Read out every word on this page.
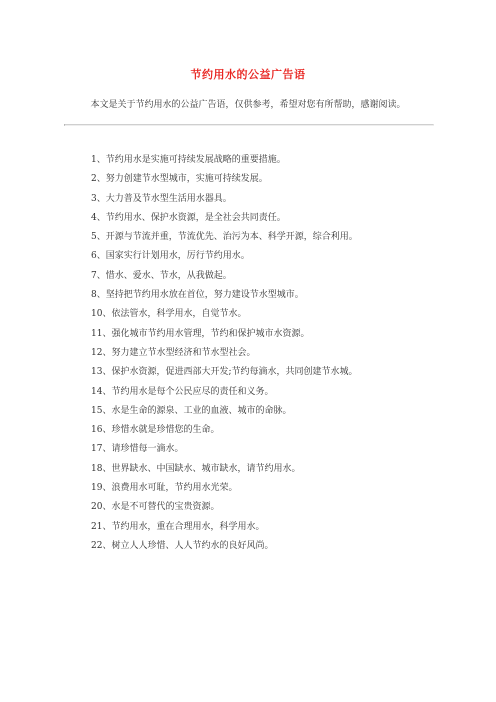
节约用水的公益广告语

本文是关于节约用水的公益广告语，仅供参考，希望对您有所帮助，感谢阅读。

1、节约用水是实施可持续发展战略的重要措施。
2、努力创建节水型城市，实施可持续发展。
3、大力普及节水型生活用水器具。
4、节约用水、保护水资源，是全社会共同责任。
5、开源与节流并重，节流优先、治污为本、科学开源，综合利用。
6、国家实行计划用水，厉行节约用水。
7、惜水、爱水、节水，从我做起。
8、坚持把节约用水放在首位，努力建设节水型城市。
10、依法管水，科学用水，自觉节水。
11、强化城市节约用水管理，节约和保护城市水资源。
12、努力建立节水型经济和节水型社会。
13、保护水资源，促进西部大开发;节约每滴水，共同创建节水城。
14、节约用水是每个公民应尽的责任和义务。
15、水是生命的源泉、工业的血液、城市的命脉。
16、珍惜水就是珍惜您的生命。
17、请珍惜每一滴水。
18、世界缺水、中国缺水、城市缺水，请节约用水。
19、浪费用水可耻，节约用水光荣。
20、水是不可替代的宝贵资源。
21、节约用水，重在合理用水，科学用水。
22、树立人人珍惜、人人节约水的良好风尚。
